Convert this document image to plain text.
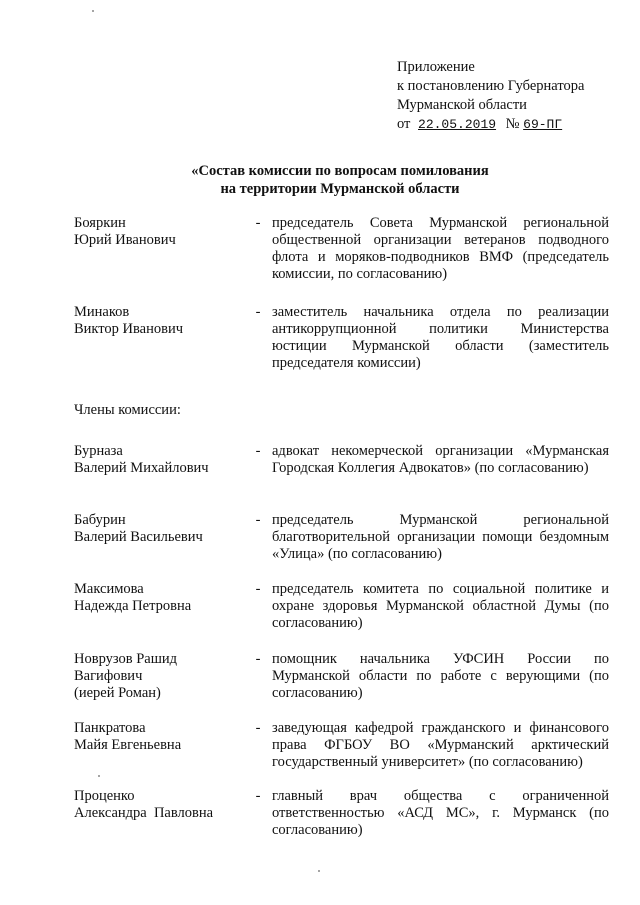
Приложение
к постановлению Губернатора
Мурманской области
от 22.05.2019 № 69-ПГ
«Состав комиссии по вопросам помилования
на территории Мурманской области
Бояркин
Юрий Иванович
- председатель Совета Мурманской региональной общественной организации ветеранов подводного флота и моряков-подводников ВМФ (председатель комиссии, по согласованию)
Минаков
Виктор Иванович
- заместитель начальника отдела по реализации антикоррупционной политики Министерства юстиции Мурманской области (заместитель председателя комиссии)
Члены комиссии:
Бурназа
Валерий Михайлович
- адвокат некомерческой организации «Мурманская Городская Коллегия Адвокатов» (по согласованию)
Бабурин
Валерий Васильевич
- председатель Мурманской региональной благотворительной организации помощи бездомным «Улица» (по согласованию)
Максимова
Надежда Петровна
- председатель комитета по социальной политике и охране здоровья Мурманской областной Думы (по согласованию)
Новрузов Рашид
Вагифович
(иерей Роман)
- помощник начальника УФСИН России по Мурманской области по работе с верующими (по согласованию)
Панкратова
Майя Евгеньевна
- заведующая кафедрой гражданского и финансового права ФГБОУ ВО «Мурманский арктический государственный университет» (по согласованию)
Проценко
Александра  Павловна
- главный врач общества с ограниченной ответственностью «АСД МС», г. Мурманск (по согласованию)
